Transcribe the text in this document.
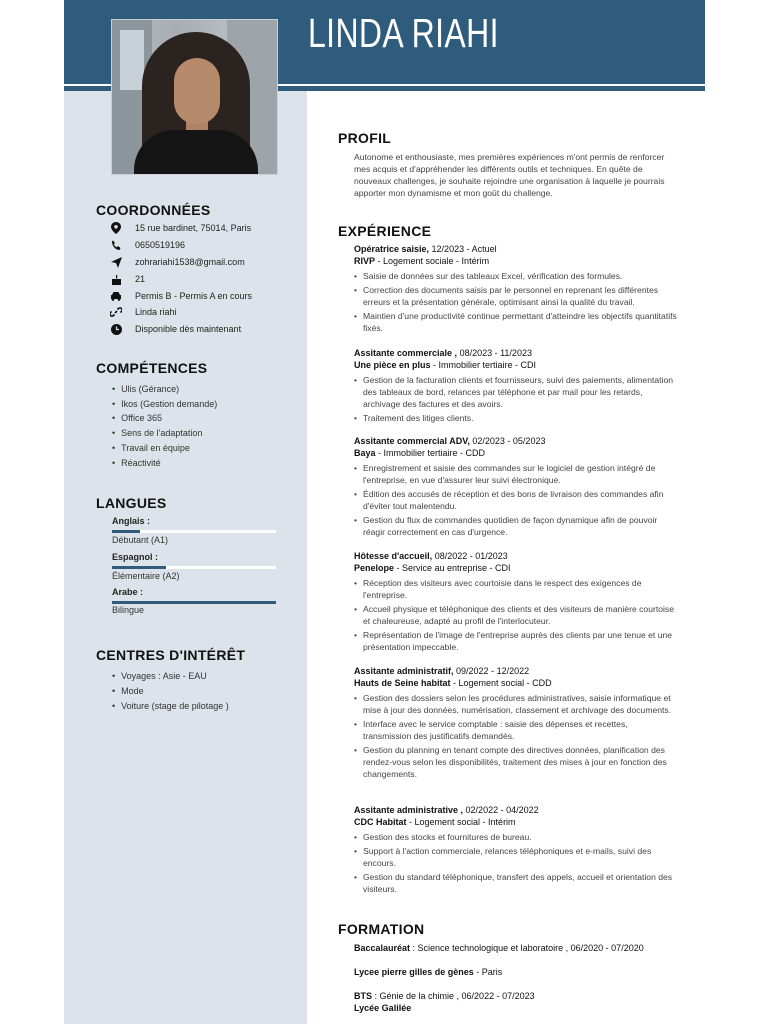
LINDA RIAHI
COORDONNÉES
15 rue bardinet, 75014, Paris
0650519196
zohrariahi1538@gmail.com
21
Permis B - Permis A en cours
Linda riahi
Disponible dès maintenant
COMPÉTENCES
• Ulis (Gérance)
• Ikos (Gestion demande)
• Office 365
• Sens de l'adaptation
• Travail en équipe
• Réactivité
LANGUES
Anglais :
Débutant (A1)
Espagnol :
Élémentaire (A2)
Arabe :
Bilingue
CENTRES D'INTÉRÊT
• Voyages : Asie - EAU
• Mode
• Voiture (stage de pilotage )
PROFIL
Autonome et enthousiaste, mes premières expériences m'ont permis de renforcer mes acquis et d'appréhender les différents outils et techniques. En quête de nouveaux challenges, je souhaite rejoindre une organisation à laquelle je pourrais apporter mon dynamisme et mon goût du challenge.
EXPÉRIENCE
Opératrice saisie, 12/2023 - Actuel
RIVP - Logement sociale - Intérim
• Saisie de données sur des tableaux Excel, vérification des formules.
• Correction des documents saisis par le personnel en reprenant les différentes erreurs et la présentation générale, optimisant ainsi la qualité du travail.
• Maintien d'une productivité continue permettant d'atteindre les objectifs quantitatifs fixés.
Assitante commerciale , 08/2023 - 11/2023
Une pièce en plus - Immobilier tertiaire - CDI
• Gestion de la facturation clients et fournisseurs, suivi des paiements, alimentation des tableaux de bord, relances par téléphone et par mail pour les retards, archivage des factures et des avoirs.
• Traitement des litiges clients.
Assitante commercial ADV, 02/2023 - 05/2023
Baya - Immobilier tertiaire - CDD
• Enregistrement et saisie des commandes sur le logiciel de gestion intégré de l'entreprise, en vue d'assurer leur suivi électronique.
• Édition des accusés de réception et des bons de livraison des commandes afin d'éviter tout malentendu.
• Gestion du flux de commandes quotidien de façon dynamique afin de pouvoir réagir correctement en cas d'urgence.
Hôtesse d'accueil, 08/2022 - 01/2023
Penelope - Service au entreprise - CDI
• Réception des visiteurs avec courtoisie dans le respect des exigences de l'entreprise.
• Accueil physique et téléphonique des clients et des visiteurs de manière courtoise et chaleureuse, adapté au profil de l'interlocuteur.
• Représentation de l'image de l'entreprise auprès des clients par une tenue et une présentation impeccable.
Assitante administratif, 09/2022 - 12/2022
Hauts de Seine habitat - Logement social - CDD
• Gestion des dossiers selon les procédures administratives, saisie informatique et mise à jour des données, numérisation, classement et archivage des documents.
• Interface avec le service comptable : saisie des dépenses et recettes, transmission des justificatifs demandés.
• Gestion du planning en tenant compte des directives données, planification des rendez-vous selon les disponibilités, traitement des mises à jour en fonction des changements.
Assitante administrative , 02/2022 - 04/2022
CDC Habitat - Logement social - Intérim
• Gestion des stocks et fournitures de bureau.
• Support à l'action commerciale, relances téléphoniques et e-mails, suivi des encours.
• Gestion du standard téléphonique, transfert des appels, accueil et orientation des visiteurs.
FORMATION
Baccalauréat : Science technologique et laboratoire , 06/2020 - 07/2020
Lycee pierre gilles de gènes - Paris
BTS : Génie de la chimie , 06/2022 - 07/2023
Lycée Galilée
